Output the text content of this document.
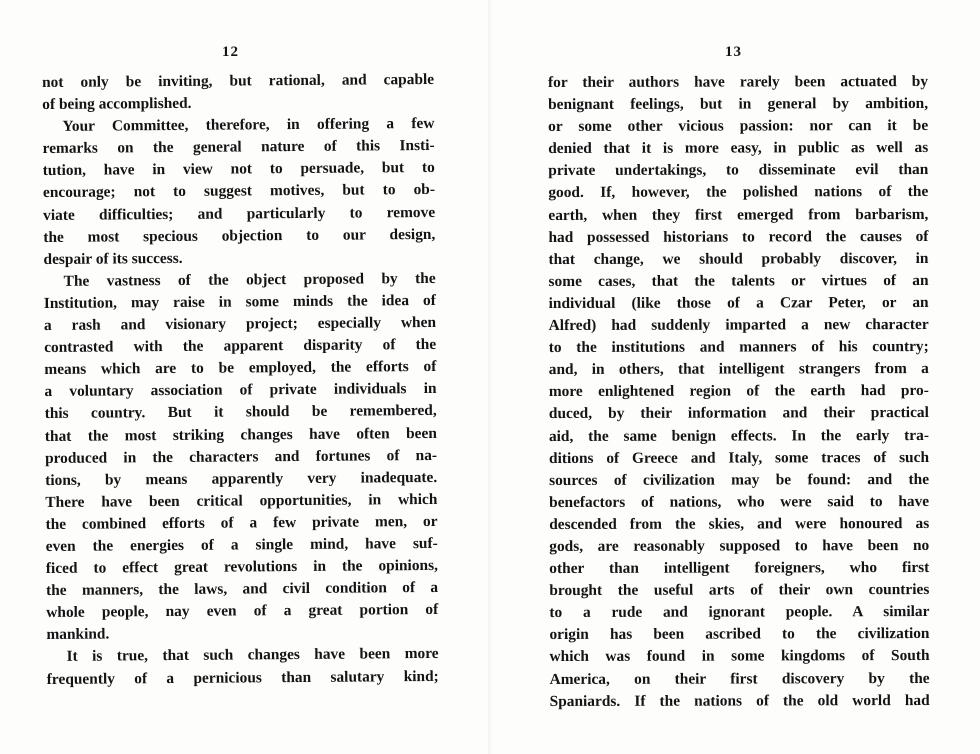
12
not only be inviting, but rational, and capable
of being accomplished.
Your Committee, therefore, in offering a few
remarks on the general nature of this Insti-
tution, have in view not to persuade, but to
encourage; not to suggest motives, but to ob-
viate difficulties; and particularly to remove
the most specious objection to our design,
despair of its success.
The vastness of the object proposed by the
Institution, may raise in some minds the idea of
a rash and visionary project; especially when
contrasted with the apparent disparity of the
means which are to be employed, the efforts of
a voluntary association of private individuals in
this country. But it should be remembered,
that the most striking changes have often been
produced in the characters and fortunes of na-
tions, by means apparently very inadequate.
There have been critical opportunities, in which
the combined efforts of a few private men, or
even the energies of a single mind, have suf-
ficed to effect great revolutions in the opinions,
the manners, the laws, and civil condition of a
whole people, nay even of a great portion of
mankind.
It is true, that such changes have been more
frequently of a pernicious than salutary kind;
13
for their authors have rarely been actuated by
benignant feelings, but in general by ambition,
or some other vicious passion: nor can it be
denied that it is more easy, in public as well as
private undertakings, to disseminate evil than
good. If, however, the polished nations of the
earth, when they first emerged from barbarism,
had possessed historians to record the causes of
that change, we should probably discover, in
some cases, that the talents or virtues of an
individual (like those of a Czar Peter, or an
Alfred) had suddenly imparted a new character
to the institutions and manners of his country;
and, in others, that intelligent strangers from a
more enlightened region of the earth had pro-
duced, by their information and their practical
aid, the same benign effects. In the early tra-
ditions of Greece and Italy, some traces of such
sources of civilization may be found: and the
benefactors of nations, who were said to have
descended from the skies, and were honoured as
gods, are reasonably supposed to have been no
other than intelligent foreigners, who first
brought the useful arts of their own countries
to a rude and ignorant people. A similar
origin has been ascribed to the civilization
which was found in some kingdoms of South
America, on their first discovery by the
Spaniards. If the nations of the old world had
